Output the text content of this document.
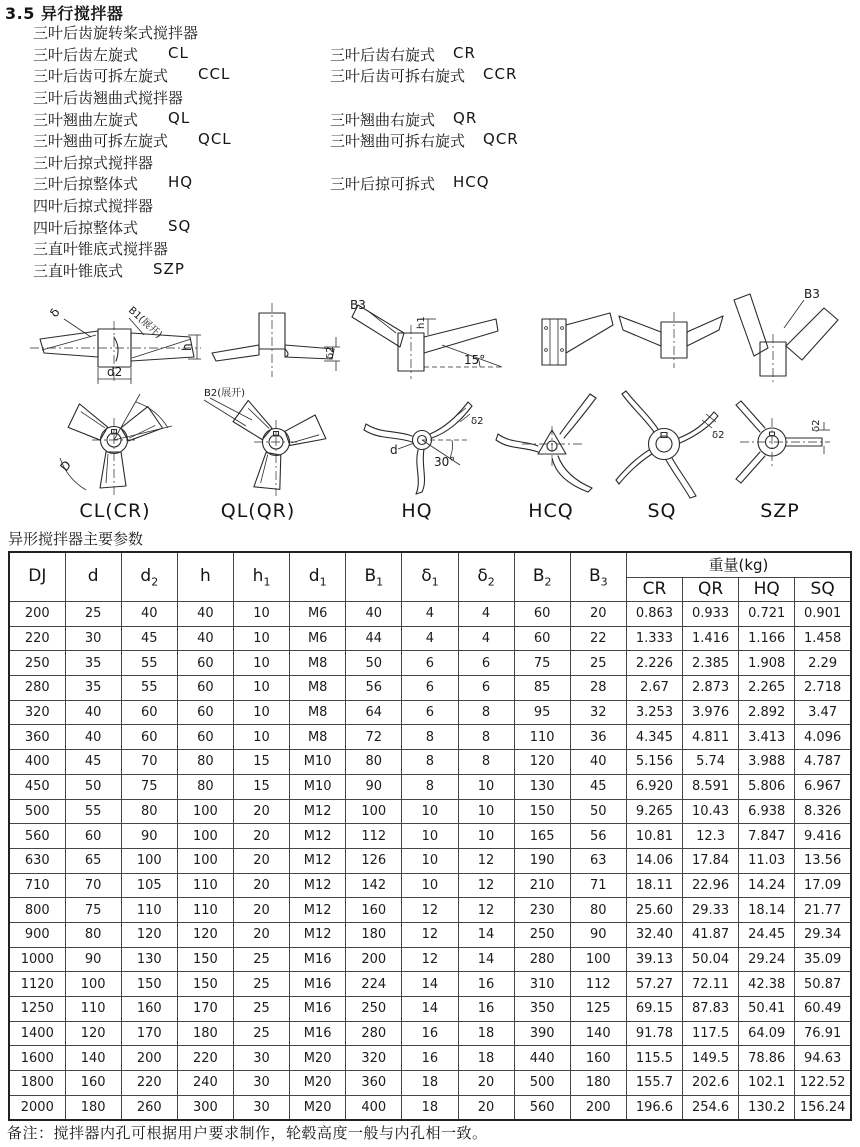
3.5 异行搅拌器
三叶后齿旋转桨式搅拌器
三叶后齿左旋式 CL	三叶后齿右旋式 CR
三叶后齿可拆左旋式 CCL	三叶后齿可拆右旋式 CCR
三叶后齿翘曲式搅拌器
三叶翘曲左旋式 QL	三叶翘曲右旋式 QR
三叶翘曲可拆左旋式 QCL	三叶翘曲可拆右旋式 QCR
三叶后掠式搅拌器
三叶后掠整体式 HQ	三叶后掠可拆式 HCQ
四叶后掠式搅拌器
四叶后掠整体式 SQ
三直叶锥底式搅拌器
三直叶锥底式 SZP
δ	B1(展开)
h
d2
δ2
B3
h1
15°
B3
D
B2(展开)
d
30°
δ2
δ2
δ2
CL(CR)	QL(QR)	HQ	HCQ	SQ	SZP
异形搅拌器主要参数
DJ	d	$d_2$	h	$h_1$	$d_1$	$B_1$	$\delta_1$	$\delta_2$	$B_2$	$B_3$	重量(kg)			
											CR	QR	HQ	SQ
200	25	40	40	10	M6	40	4	4	60	20	0.863	0.933	0.721	0.901
220	30	45	40	10	M6	44	4	4	60	22	1.333	1.416	1.166	1.458
250	35	55	60	10	M8	50	6	6	75	25	2.226	2.385	1.908	2.29
280	35	55	60	10	M8	56	6	6	85	28	2.67	2.873	2.265	2.718
320	40	60	60	10	M8	64	6	8	95	32	3.253	3.976	2.892	3.47
360	40	60	60	10	M8	72	8	8	110	36	4.345	4.811	3.413	4.096
400	45	70	80	15	M10	80	8	8	120	40	5.156	5.74	3.988	4.787
450	50	75	80	15	M10	90	8	10	130	45	6.920	8.591	5.806	6.967
500	55	80	100	20	M12	100	10	10	150	50	9.265	10.43	6.938	8.326
560	60	90	100	20	M12	112	10	10	165	56	10.81	12.3	7.847	9.416
630	65	100	100	20	M12	126	10	12	190	63	14.06	17.84	11.03	13.56
710	70	105	110	20	M12	142	10	12	210	71	18.11	22.96	14.24	17.09
800	75	110	110	20	M12	160	12	12	230	80	25.60	29.33	18.14	21.77
900	80	120	120	20	M12	180	12	14	250	90	32.40	41.87	24.45	29.34
1000	90	130	150	25	M16	200	12	14	280	100	39.13	50.04	29.24	35.09
1120	100	150	150	25	M16	224	14	16	310	112	57.27	72.11	42.38	50.87
1250	110	160	170	25	M16	250	14	16	350	125	69.15	87.83	50.41	60.49
1400	120	170	180	25	M16	280	16	18	390	140	91.78	117.5	64.09	76.91
1600	140	200	220	30	M20	320	16	18	440	160	115.5	149.5	78.86	94.63
1800	160	220	240	30	M20	360	18	20	500	180	155.7	202.6	102.1	122.52
2000	180	260	300	30	M20	400	18	20	560	200	196.6	254.6	130.2	156.24
备注：搅拌器内孔可根据用户要求制作，轮毂高度一般与内孔相一致。
